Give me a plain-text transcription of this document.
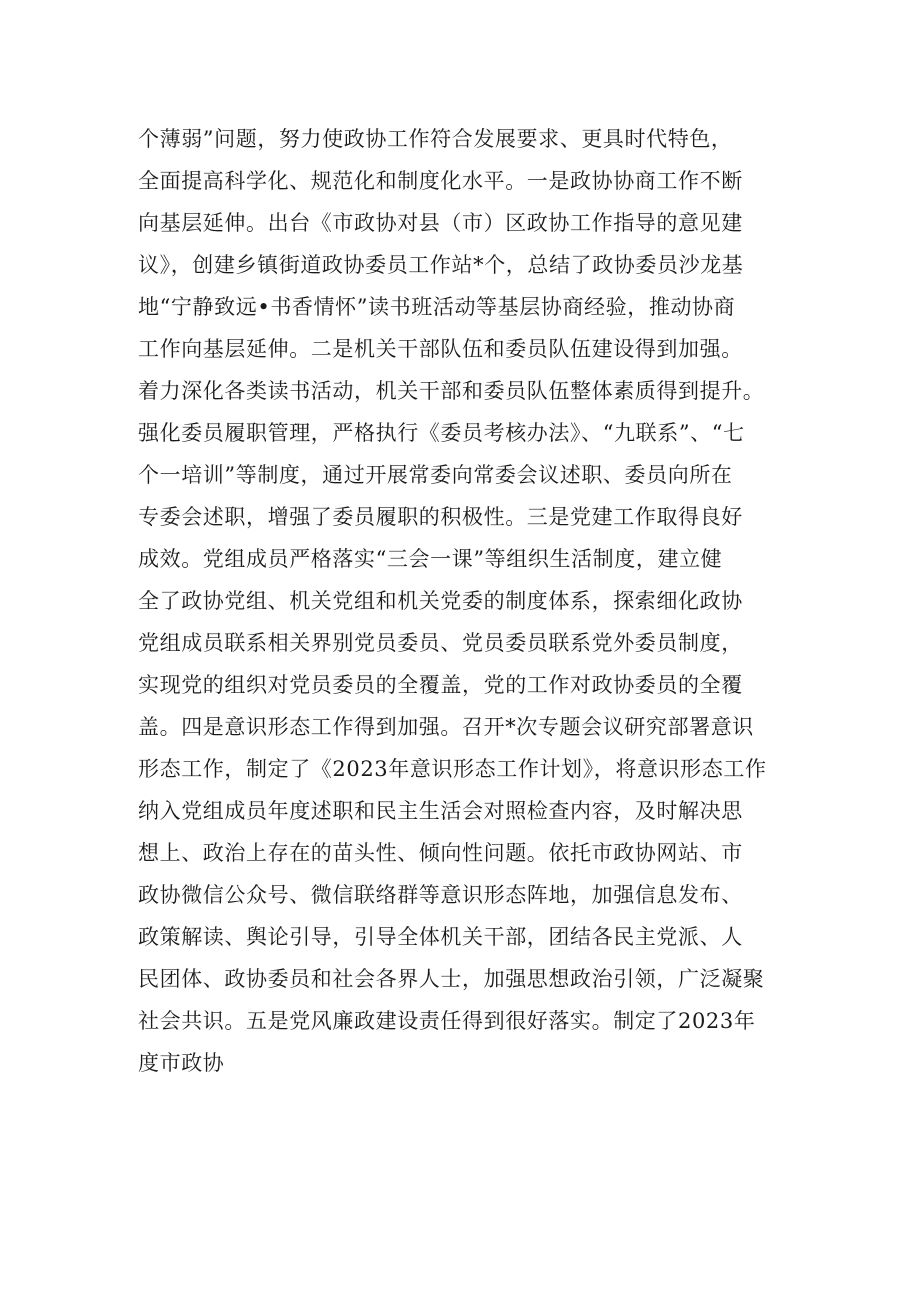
个薄弱”问题，努力使政协工作符合发展要求、更具时代特色，
全面提高科学化、规范化和制度化水平。一是政协协商工作不断
向基层延伸。出台《市政协对县（市）区政协工作指导的意见建
议》，创建乡镇街道政协委员工作站*个，总结了政协委员沙龙基
地“宁静致远•书香情怀”读书班活动等基层协商经验，推动协商
工作向基层延伸。二是机关干部队伍和委员队伍建设得到加强。
着力深化各类读书活动，机关干部和委员队伍整体素质得到提升。
强化委员履职管理，严格执行《委员考核办法》、“九联系”、“七
个一培训”等制度，通过开展常委向常委会议述职、委员向所在
专委会述职，增强了委员履职的积极性。三是党建工作取得良好
成效。党组成员严格落实“三会一课”等组织生活制度，建立健
全了政协党组、机关党组和机关党委的制度体系，探索细化政协
党组成员联系相关界别党员委员、党员委员联系党外委员制度，
实现党的组织对党员委员的全覆盖，党的工作对政协委员的全覆
盖。四是意识形态工作得到加强。召开*次专题会议研究部署意识
形态工作，制定了《2023年意识形态工作计划》，将意识形态工作
纳入党组成员年度述职和民主生活会对照检查内容，及时解决思
想上、政治上存在的苗头性、倾向性问题。依托市政协网站、市
政协微信公众号、微信联络群等意识形态阵地，加强信息发布、
政策解读、舆论引导，引导全体机关干部，团结各民主党派、人
民团体、政协委员和社会各界人士，加强思想政治引领，广泛凝聚
社会共识。五是党风廉政建设责任得到很好落实。制定了2023年
度市政协
